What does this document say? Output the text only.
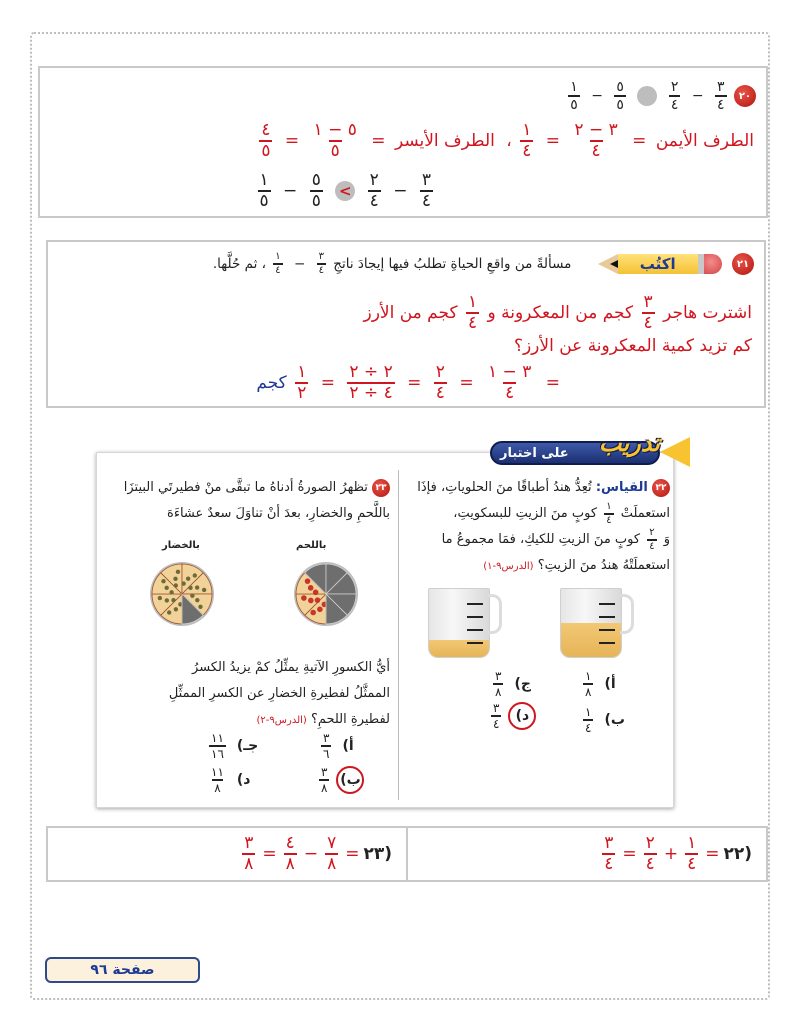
٢٠
$\frac{٣}{٤}$
−
$\frac{٢}{٤}$

$\frac{٥}{٥}$
−
$\frac{١}{٥}$
الطرف الأيمن =
$\frac{٣ - ٢}{٤}$
=
$\frac{١}{٤}$
، الطرف الأيسر =
$\frac{٥ - ١}{٥}$
=
$\frac{٤}{٥}$
$\frac{٣}{٤}$
−
$\frac{٢}{٤}$
>
$\frac{٥}{٥}$
−
$\frac{١}{٥}$
٢١
اكتُب
مسألةً من واقعِ الحياةِ تطلبُ فيها إيجادَ ناتجِ
$\frac{٣}{٤}$
−
$\frac{١}{٤}$
، ثم حُلَّها.
اشترت هاجر
$\frac{٣}{٤}$
كجم من المعكرونة و
$\frac{١}{٤}$
كجم من الأرز
كم تزيد كمية المعكرونة عن الأرز؟
=
$\frac{٣ - ١}{٤}$
=
$\frac{٢}{٤}$
=
$\frac{٢ \div ٢}{٤ \div ٢}$
=
$\frac{١}{٢}$
كجم
على اختبار تدريب
٢٢ القياس: تُعِدُّ هندُ أطباقًا منَ الحلوياتِ، فإذَا
استعملَتْ
$\frac{١}{٤}$
كوبٍ منَ الزيتِ للبسكويتِ،
وَ
$\frac{٢}{٤}$
كوبٍ منَ الزيتِ للكيكِ، فمَا مجموعُ ما
استعملَتْهُ هندُ منَ الزيتِ؟ (الدرس٩-١)
أ)
$\frac{١}{٨}$
ب)
$\frac{١}{٤}$
ج)
$\frac{٣}{٨}$
د)
$\frac{٣}{٤}$
٢٣ تظهرُ الصورةُ أدناهُ ما تبقَّى منْ فطيرتَي البيتزَا
باللَّحمِ والخضارِ، بعدَ أنْ تناوَلَ سعدٌ عشاءَهَ
باللحم
بالخضار
أيُّ الكسورِ الآتيةِ يمثِّلُ كمْ يزيدُ الكسرُ
الممثَّلُ لفطيرةِ الخضارِ عن الكسرِ الممثِّلِ
لفطيرةِ اللحمِ؟ (الدرس٩-٢)
أ)
$\frac{٣}{٦}$
ب)
$\frac{٣}{٨}$
جـ)
$\frac{١١}{١٦}$
د)
$\frac{١١}{٨}$
(٢٢
=
$\frac{١}{٤}$
+
$\frac{٢}{٤}$
=
$\frac{٣}{٤}$
(٢٣
=
$\frac{٧}{٨}$
−
$\frac{٤}{٨}$
=
$\frac{٣}{٨}$
صفحة ٩٦
